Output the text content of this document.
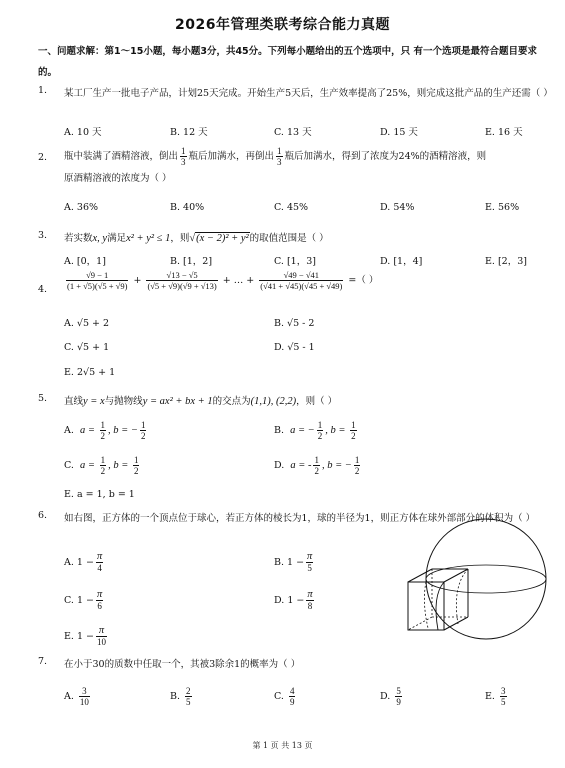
2026年管理类联考综合能力真题
一、问题求解：第1～15小题，每小题3分，共45分。下列每小题给出的五个选项中，只 有一个选项是最符合题目要求的。
1.	某工厂生产一批电子产品，计划25天完成。开始生产5天后，生产效率提高了25%，则完成这批产品的生产还需（ ）
A. 10 天	B. 12 天	C. 13 天	D. 15 天	E. 16 天
2.	瓶中装满了酒精溶液，倒出 $\frac{1}{3}$ 瓶后加满水，再倒出 $\frac{1}{3}$ 瓶后加满水，得到了浓度为24%的酒精溶液，则
原酒精溶液的浓度为（ ）
A. 36%	B. 40%	C. 45%	D. 54%	E. 56%
3.	若实数x, y满足x² + y² ≤ 1，则√(x − 2)² + y²的取值范围是（ ）
A. [0，1]	B. [1，2]	C. [1，3]	D. [1，4]	E. [2，3]
4.	$\frac{√9 - 1}{(1 + √5)(√5 + √9)} + \frac{√13 - √5}{(√5 + √9)(√9 + √13)}$ + … + $\frac{√49 - √41}{(√41 + √45)(√45 + √49)}$ =（ ）
A. √5 + 2	B. √5 - 2
C. √5 + 1	D. √5 - 1
E. 2√5 + 1
5.	直线y = x与抛物线y = ax² + bx + 1的交点为(1,1), (2,2)，则（ ）
A. $a = \frac{1}{2}$ , b = − $\frac{1}{2}$	B. a = − $\frac{1}{2}$ , $b = \frac{1}{2}$
C. $a = \frac{1}{2}$ , $b = \frac{1}{2}$	D. a = - $\frac{1}{2}$ , b = − $\frac{1}{2}$
E. a = 1, b = 1
6.	如右图，正方体的一个顶点位于球心，若正方体的棱长为1，球的半径为1，则正方体在球外部部分的体积为（ ）
A. $1 - \frac{\pi}{4}$	B. $1 - \frac{\pi}{5}$
C. $1 - \frac{\pi}{6}$	D. $1 - \frac{\pi}{8}$
E. $1 - \frac{\pi}{10}$
7.	在小于30的质数中任取一个，其被3除余1的概率为（ ）
A. $\frac{3}{10}$	B. $\frac{2}{5}$	C. $\frac{4}{9}$	D. $\frac{5}{9}$	E. $\frac{3}{5}$
第 1 页 共 13 页
